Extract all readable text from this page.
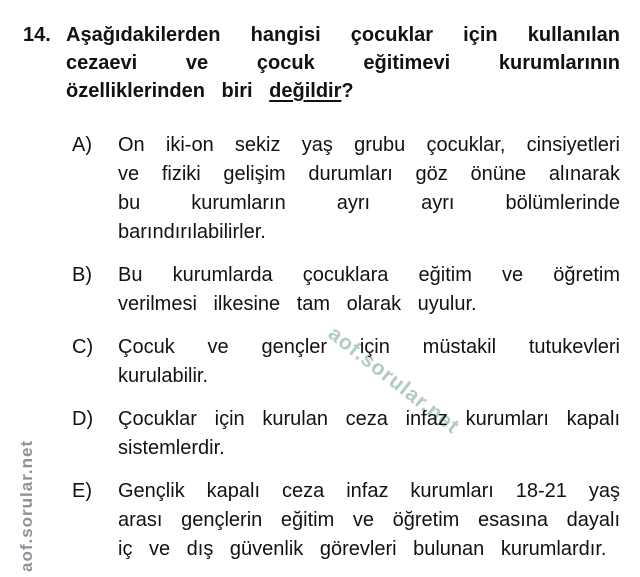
aof.sorular.net
aof.sorular.net
14. Aşağıdakilerden hangisi çocuklar için kullanılan cezaevi ve çocuk eğitimevi kurumlarının özelliklerinden biri değildir?
A)	On iki-on sekiz yaş grubu çocuklar, cinsiyetleri ve fiziki gelişim durumları göz önüne alınarak bu kurumların ayrı ayrı bölümlerinde barındırılabilirler.
B)	Bu kurumlarda çocuklara eğitim ve öğretim verilmesi ilkesine tam olarak uyulur.
C)	Çocuk ve gençler için müstakil tutukevleri kurulabilir.
D)	Çocuklar için kurulan ceza infaz kurumları kapalı sistemlerdir.
E)	Gençlik kapalı ceza infaz kurumları 18-21 yaş arası gençlerin eğitim ve öğretim esasına dayalı iç ve dış güvenlik görevleri bulunan kurumlardır.
